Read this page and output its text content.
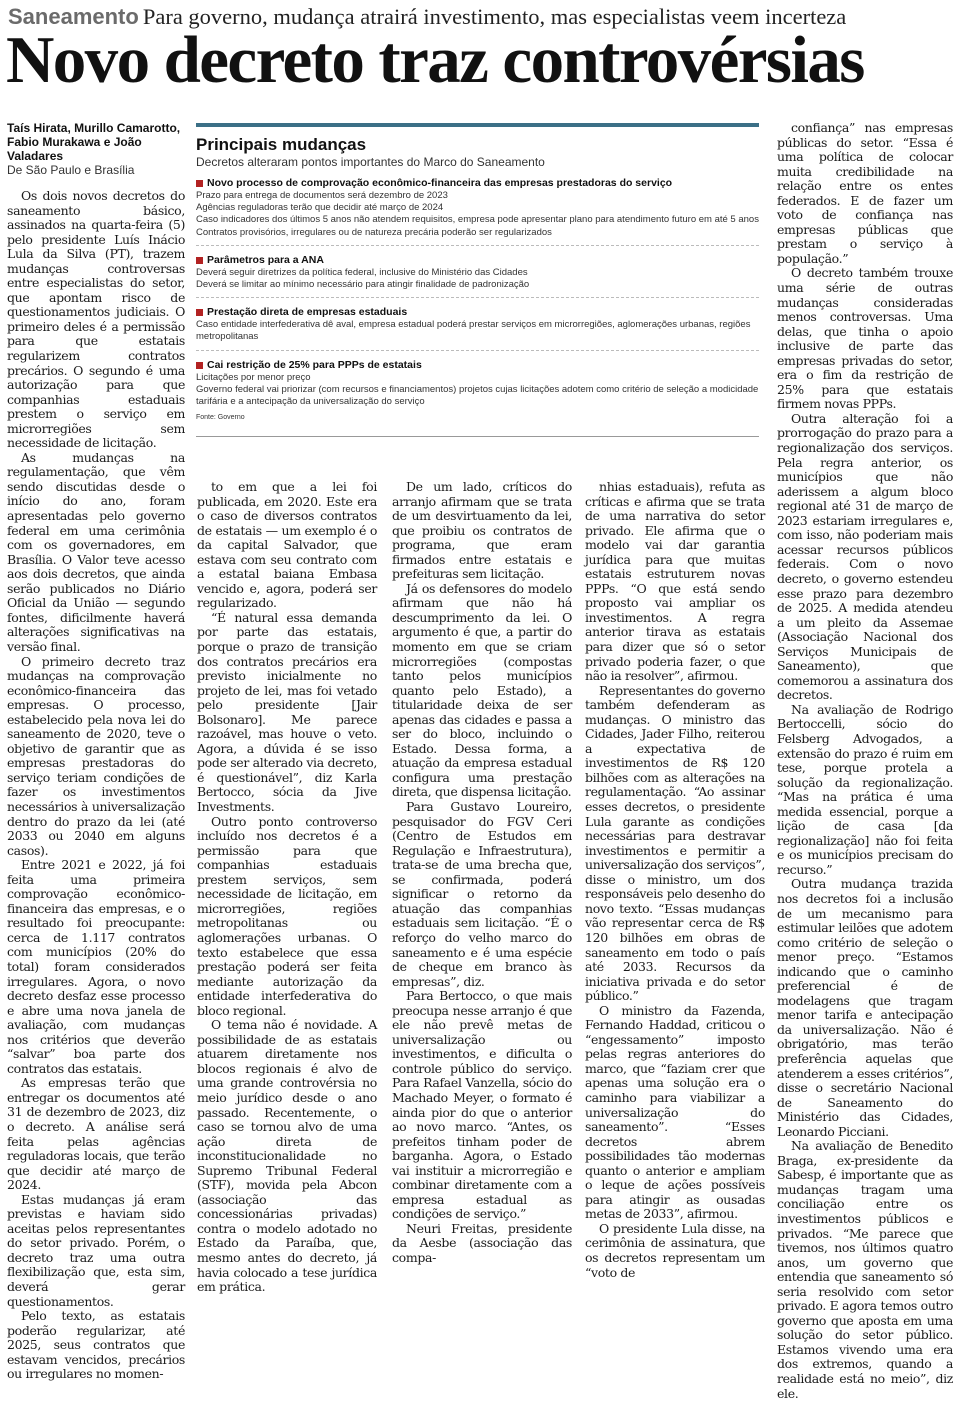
Saneamento Para governo, mudança atrairá investimento, mas especialistas veem incerteza
Novo decreto traz controvérsias
Taís Hirata, Murillo Camarotto, Fabio Murakawa e João Valadares
De São Paulo e Brasília

Os dois novos decretos do saneamento básico, assinados na quarta-feira (5) pelo presidente Luís Inácio Lula da Silva (PT), trazem mudanças controversas entre especialistas do setor, que apontam risco de questionamentos judiciais. O primeiro deles é a permissão para que estatais regularizem contratos precários. O segundo é uma autorização para que companhias estaduais prestem o serviço em microrregiões sem necessidade de licitação.

As mudanças na regulamentação, que vêm sendo discutidas desde o início do ano, foram apresentadas pelo governo federal em uma cerimônia com os governadores, em Brasília. O Valor teve acesso aos dois decretos, que ainda serão publicados no Diário Oficial da União — segundo fontes, dificilmente haverá alterações significativas na versão final.

O primeiro decreto traz mudanças na comprovação econômico-financeira das empresas. O processo, estabelecido pela nova lei do saneamento de 2020, teve o objetivo de garantir que as empresas prestadoras do serviço teriam condições de fazer os investimentos necessários à universalização dentro do prazo da lei (até 2033 ou 2040 em alguns casos).

Entre 2021 e 2022, já foi feita uma primeira comprovação econômico-financeira das empresas, e o resultado foi preocupante: cerca de 1.117 contratos com municípios (20% do total) foram considerados irregulares. Agora, o novo decreto desfaz esse processo e abre uma nova janela de avaliação, com mudanças nos critérios que deverão “salvar” boa parte dos contratos das estatais.

As empresas terão que entregar os documentos até 31 de dezembro de 2023, diz o decreto. A análise será feita pelas agências reguladoras locais, que terão que decidir até março de 2024.

Estas mudanças já eram previstas e haviam sido aceitas pelos representantes do setor privado. Porém, o decreto traz uma outra flexibilização que, esta sim, deverá gerar questionamentos.

Pelo texto, as estatais poderão regularizar, até 2025, seus contratos que estavam vencidos, precários ou irregulares no momen-

Principais mudanças
Decretos alteraram pontos importantes do Marco do Saneamento
Novo processo de comprovação econômico-financeira das empresas prestadoras do serviço
Prazo para entrega de documentos será dezembro de 2023
Agências reguladoras terão que decidir até março de 2024
Caso indicadores dos últimos 5 anos não atendem requisitos, empresa pode apresentar plano para atendimento futuro em até 5 anos
Contratos provisórios, irregulares ou de natureza precária poderão ser regularizados
Parâmetros para a ANA
Deverá seguir diretrizes da política federal, inclusive do Ministério das Cidades
Deverá se limitar ao mínimo necessário para atingir finalidade de padronização
Prestação direta de empresas estaduais
Caso entidade interfederativa dê aval, empresa estadual poderá prestar serviços em microrregiões, aglomerações urbanas, regiões metropolitanas
Cai restrição de 25% para PPPs de estatais
Licitações por menor preço
Governo federal vai priorizar (com recursos e financiamentos) projetos cujas licitações adotem como critério de seleção a modicidade tarifária e a antecipação da universalização do serviço
Fonte: Governo

to em que a lei foi publicada, em 2020. Este era o caso de diversos contratos de estatais — um exemplo é o da capital Salvador, que estava com seu contrato com a estatal baiana Embasa vencido e, agora, poderá ser regularizado.

“É natural essa demanda por parte das estatais, porque o prazo de transição dos contratos precários era previsto inicialmente no projeto de lei, mas foi vetado pelo presidente [Jair Bolsonaro]. Me parece razoável, mas houve o veto. Agora, a dúvida é se isso pode ser alterado via decreto, é questionável”, diz Karla Bertocco, sócia da Jive Investments.

Outro ponto controverso incluído nos decretos é a permissão para que companhias estaduais prestem serviços, sem necessidade de licitação, em microrregiões, regiões metropolitanas ou aglomerações urbanas. O texto estabelece que essa prestação poderá ser feita mediante autorização da entidade interfederativa do bloco regional.

O tema não é novidade. A possibilidade de as estatais atuarem diretamente nos blocos regionais é alvo de uma grande controvérsia no meio jurídico desde o ano passado. Recentemente, o caso se tornou alvo de uma ação direta de inconstitucionalidade no Supremo Tribunal Federal (STF), movida pela Abcon (associação das concessionárias privadas) contra o modelo adotado no Estado da Paraíba, que, mesmo antes do decreto, já havia colocado a tese jurídica em prática.

De um lado, críticos do arranjo afirmam que se trata de um desvirtuamento da lei, que proibiu os contratos de programa, que eram firmados entre estatais e prefeituras sem licitação.

Já os defensores do modelo afirmam que não há descumprimento da lei. O argumento é que, a partir do momento em que se criam microrregiões (compostas tanto pelos municípios quanto pelo Estado), a titularidade deixa de ser apenas das cidades e passa a ser do bloco, incluindo o Estado. Dessa forma, a atuação da empresa estadual configura uma prestação direta, que dispensa licitação.

Para Gustavo Loureiro, pesquisador do FGV Ceri (Centro de Estudos em Regulação e Infraestrutura), trata-se de uma brecha que, se confirmada, poderá significar o retorno da atuação das companhias estaduais sem licitação. “É o reforço do velho marco do saneamento e é uma espécie de cheque em branco às empresas”, diz.

Para Bertocco, o que mais preocupa nesse arranjo é que ele não prevê metas de universalização ou investimentos, e dificulta o controle público do serviço. Para Rafael Vanzella, sócio do Machado Meyer, o formato é ainda pior do que o anterior ao novo marco. “Antes, os prefeitos tinham poder de barganha. Agora, o Estado vai instituir a microrregião e combinar diretamente com a empresa estadual as condições de serviço.”

Neuri Freitas, presidente da Aesbe (associação das compa-

nhias estaduais), refuta as críticas e afirma que se trata de uma narrativa do setor privado. Ele afirma que o modelo vai dar garantia jurídica para que muitas estatais estruturem novas PPPs. “O que está sendo proposto vai ampliar os investimentos. A regra anterior tirava as estatais para dizer que só o setor privado poderia fazer, o que não ia resolver”, afirmou.

Representantes do governo também defenderam as mudanças. O ministro das Cidades, Jader Filho, reiterou a expectativa de investimentos de R$ 120 bilhões com as alterações na regulamentação. “Ao assinar esses decretos, o presidente Lula garante as condições necessárias para destravar investimentos e permitir a universalização dos serviços”, disse o ministro, um dos responsáveis pelo desenho do novo texto. “Essas mudanças vão representar cerca de R$ 120 bilhões em obras de saneamento em todo o país até 2033. Recursos da iniciativa privada e do setor público.”

O ministro da Fazenda, Fernando Haddad, criticou o “engessamento” imposto pelas regras anteriores do marco, que “faziam crer que apenas uma solução era o caminho para viabilizar a universalização do saneamento”. “Esses decretos abrem possibilidades tão modernas quanto o anterior e ampliam o leque de ações possíveis para atingir as ousadas metas de 2033”, afirmou.

O presidente Lula disse, na cerimônia de assinatura, que os decretos representam um “voto de

confiança” nas empresas públicas do setor. “Essa é uma política de colocar muita credibilidade na relação entre os entes federados. E de fazer um voto de confiança nas empresas públicas que prestam o serviço à população.”

O decreto também trouxe uma série de outras mudanças consideradas menos controversas. Uma delas, que tinha o apoio inclusive de parte das empresas privadas do setor, era o fim da restrição de 25% para que estatais firmem novas PPPs.

Outra alteração foi a prorrogação do prazo para a regionalização dos serviços. Pela regra anterior, os municípios que não aderissem a algum bloco regional até 31 de março de 2023 estariam irregulares e, com isso, não poderiam mais acessar recursos públicos federais. Com o novo decreto, o governo estendeu esse prazo para dezembro de 2025. A medida atendeu a um pleito da Assemae (Associação Nacional dos Serviços Municipais de Saneamento), que comemorou a assinatura dos decretos.

Na avaliação de Rodrigo Bertoccelli, sócio do Felsberg Advogados, a extensão do prazo é ruim em tese, porque protela a solução da regionalização. “Mas na prática é uma medida essencial, porque a lição de casa [da regionalização] não foi feita e os municípios precisam do recurso.”

Outra mudança trazida nos decretos foi a inclusão de um mecanismo para estimular leilões que adotem como critério de seleção o menor preço. “Estamos indicando que o caminho preferencial é de modelagens que tragam menor tarifa e antecipação da universalização. Não é obrigatório, mas terão preferência aquelas que atenderem a esses critérios”, disse o secretário Nacional de Saneamento do Ministério das Cidades, Leonardo Picciani.

Na avaliação de Benedito Braga, ex-presidente da Sabesp, é importante que as mudanças tragam uma conciliação entre os investimentos públicos e privados. “Me parece que tivemos, nos últimos quatro anos, um governo que entendia que saneamento só seria resolvido com setor privado. E agora temos outro governo que aposta em uma solução do setor público. Estamos vivendo uma era dos extremos, quando a realidade está no meio”, diz ele.
